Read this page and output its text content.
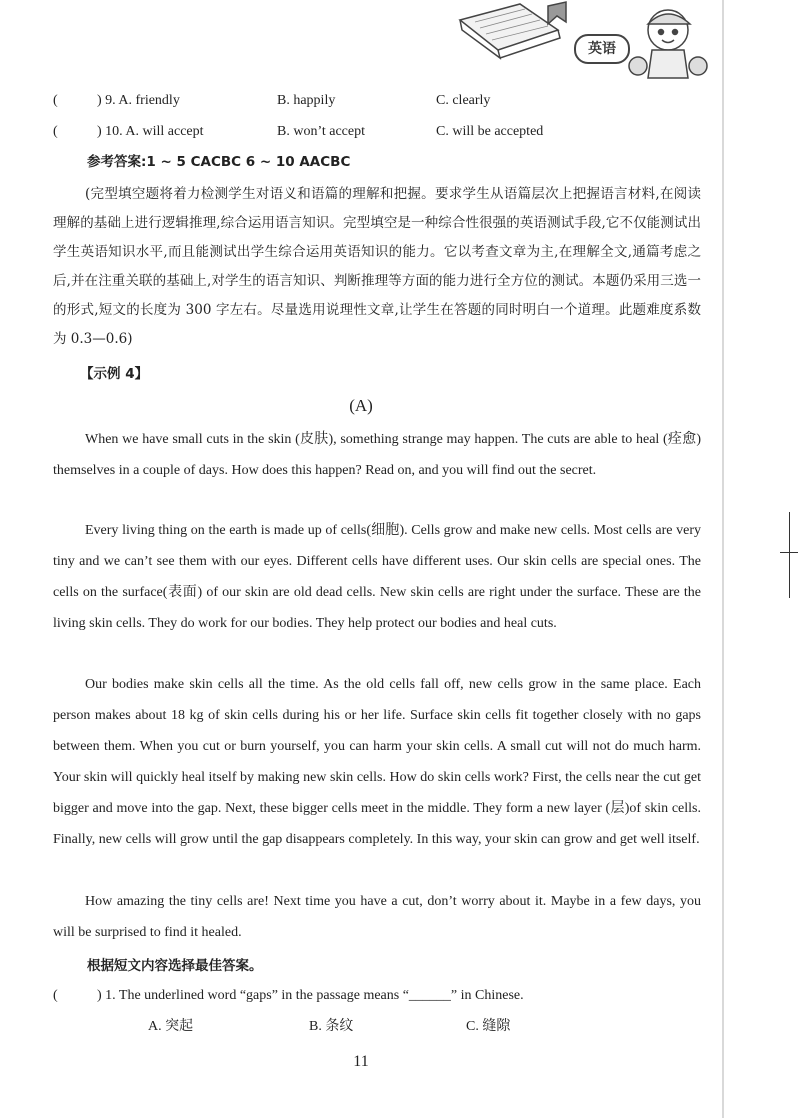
英语
(	) 9. A. friendly	B. happily	C. clearly
(	) 10. A. will accept	B. won’t accept	C. will be accepted
参考答案:1 ~ 5 CACBC 6 ~ 10 AACBC
(完型填空题将着力检测学生对语义和语篇的理解和把握。要求学生从语篇层次上把握语言材料,在阅读理解的基础上进行逻辑推理,综合运用语言知识。完型填空是一种综合性很强的英语测试手段,它不仅能测试出学生英语知识水平,而且能测试出学生综合运用英语知识的能力。它以考查文章为主,在理解全文,通篇考虑之后,并在注重关联的基础上,对学生的语言知识、判断推理等方面的能力进行全方位的测试。本题仍采用三选一的形式,短文的长度为 300 字左右。尽量选用说理性文章,让学生在答题的同时明白一个道理。此题难度系数为 0.3—0.6)
【示例 4】
(A)
When we have small cuts in the skin (皮肤), something strange may happen. The cuts are able to heal (痊愈) themselves in a couple of days. How does this happen? Read on, and you will find out the secret.
Every living thing on the earth is made up of cells(细胞). Cells grow and make new cells. Most cells are very tiny and we can’t see them with our eyes. Different cells have different uses. Our skin cells are special ones. The cells on the surface(表面) of our skin are old dead cells. New skin cells are right under the surface. These are the living skin cells. They do work for our bodies. They help protect our bodies and heal cuts.
Our bodies make skin cells all the time. As the old cells fall off, new cells grow in the same place. Each person makes about 18 kg of skin cells during his or her life. Surface skin cells fit together closely with no gaps between them. When you cut or burn yourself, you can harm your skin cells. A small cut will not do much harm. Your skin will quickly heal itself by making new skin cells. How do skin cells work? First, the cells near the cut get bigger and move into the gap. Next, these bigger cells meet in the middle. They form a new layer (层)of skin cells. Finally, new cells will grow until the gap disappears completely. In this way, your skin can grow and get well itself.
How amazing the tiny cells are! Next time you have a cut, don’t worry about it. Maybe in a few days, you will be surprised to find it healed.
根据短文内容选择最佳答案。
(	) 1. The underlined word “gaps” in the passage means “______” in Chinese.
A. 突起	B. 条纹	C. 缝隙
11
